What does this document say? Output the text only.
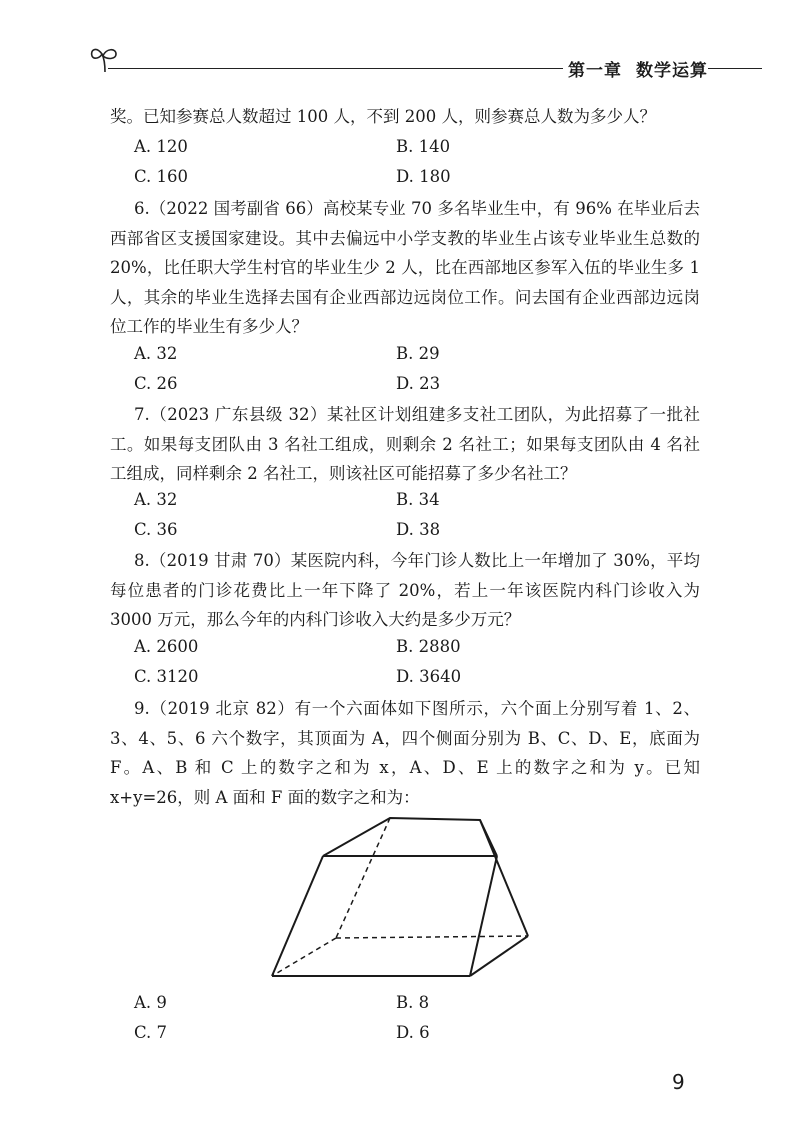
第一章 数学运算
奖。已知参赛总人数超过 100 人，不到 200 人，则参赛总人数为多少人？
A. 120	B. 140
C. 160	D. 180
6.（2022 国考副省 66）高校某专业 70 多名毕业生中，有 96% 在毕业后去西部省区支援国家建设。其中去偏远中小学支教的毕业生占该专业毕业生总数的 20%，比任职大学生村官的毕业生少 2 人，比在西部地区参军入伍的毕业生多 1 人，其余的毕业生选择去国有企业西部边远岗位工作。问去国有企业西部边远岗位工作的毕业生有多少人？
A. 32	B. 29
C. 26	D. 23
7.（2023 广东县级 32）某社区计划组建多支社工团队，为此招募了一批社工。如果每支团队由 3 名社工组成，则剩余 2 名社工；如果每支团队由 4 名社工组成，同样剩余 2 名社工，则该社区可能招募了多少名社工？
A. 32	B. 34
C. 36	D. 38
8.（2019 甘肃 70）某医院内科，今年门诊人数比上一年增加了 30%，平均每位患者的门诊花费比上一年下降了 20%，若上一年该医院内科门诊收入为 3000 万元，那么今年的内科门诊收入大约是多少万元？
A. 2600	B. 2880
C. 3120	D. 3640
9.（2019 北京 82）有一个六面体如下图所示，六个面上分别写着 1、2、3、4、5、6 六个数字，其顶面为 A，四个侧面分别为 B、C、D、E，底面为 F。A、B 和 C 上的数字之和为 x，A、D、E 上的数字之和为 y。已知 x+y=26，则 A 面和 F 面的数字之和为：
A. 9	B. 8
C. 7	D. 6
9
